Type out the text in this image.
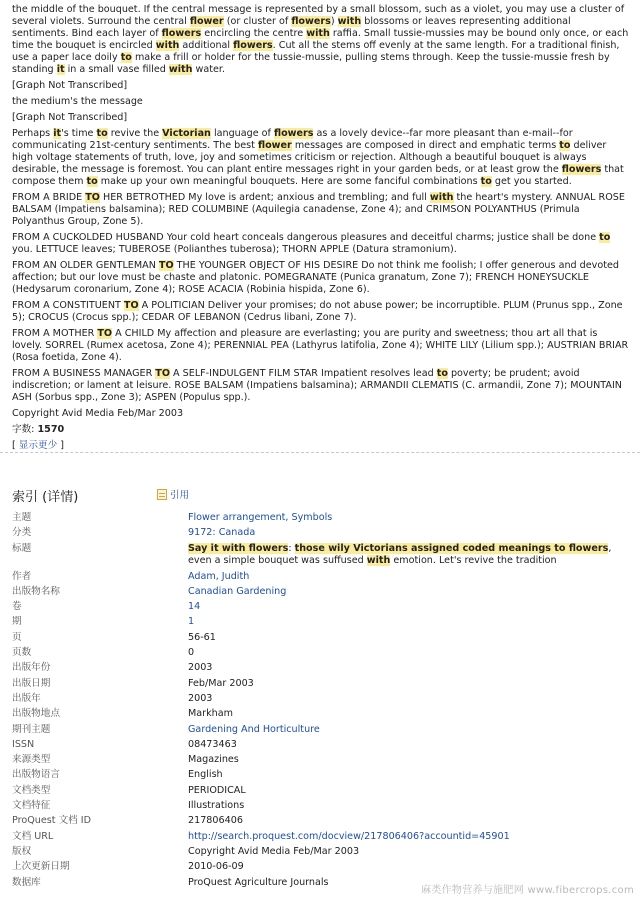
the middle of the bouquet. If the central message is represented by a small blossom, such as a violet, you may use a cluster of several violets. Surround the central flower (or cluster of flowers) with blossoms or leaves representing additional sentiments. Bind each layer of flowers encircling the centre with raffia. Small tussie-mussies may be bound only once, or each time the bouquet is encircled with additional flowers. Cut all the stems off evenly at the same length. For a traditional finish, use a paper lace doily to make a frill or holder for the tussie-mussie, pulling stems through. Keep the tussie-mussie fresh by standing it in a small vase filled with water.

[Graph Not Transcribed]

the medium's the message

[Graph Not Transcribed]

Perhaps it's time to revive the Victorian language of flowers as a lovely device--far more pleasant than e-mail--for communicating 21st-century sentiments. The best flower messages are composed in direct and emphatic terms to deliver high voltage statements of truth, love, joy and sometimes criticism or rejection. Although a beautiful bouquet is always desirable, the message is foremost. You can plant entire messages right in your garden beds, or at least grow the flowers that compose them to make up your own meaningful bouquets. Here are some fanciful combinations to get you started.

FROM A BRIDE TO HER BETROTHED My love is ardent; anxious and trembling; and full with the heart's mystery. ANNUAL ROSE BALSAM (Impatiens balsamina); RED COLUMBINE (Aquilegia canadense, Zone 4); and CRIMSON POLYANTHUS (Primula Polyanthus Group, Zone 5).

FROM A CUCKOLDED HUSBAND Your cold heart conceals dangerous pleasures and deceitful charms; justice shall be done to you. LETTUCE leaves; TUBEROSE (Polianthes tuberosa); THORN APPLE (Datura stramonium).

FROM AN OLDER GENTLEMAN TO THE YOUNGER OBJECT OF HIS DESIRE Do not think me foolish; I offer generous and devoted affection; but our love must be chaste and platonic. POMEGRANATE (Punica granatum, Zone 7); FRENCH HONEYSUCKLE (Hedysarum coronarium, Zone 4); ROSE ACACIA (Robinia hispida, Zone 6).

FROM A CONSTITUENT TO A POLITICIAN Deliver your promises; do not abuse power; be incorruptible. PLUM (Prunus spp., Zone 5); CROCUS (Crocus spp.); CEDAR OF LEBANON (Cedrus libani, Zone 7).

FROM A MOTHER TO A CHILD My affection and pleasure are everlasting; you are purity and sweetness; thou art all that is lovely. SORREL (Rumex acetosa, Zone 4); PERENNIAL PEA (Lathyrus latifolia, Zone 4); WHITE LILY (Lilium spp.); AUSTRIAN BRIAR (Rosa foetida, Zone 4).

FROM A BUSINESS MANAGER TO A SELF-INDULGENT FILM STAR Impatient resolves lead to poverty; be prudent; avoid indiscretion; or lament at leisure. ROSE BALSAM (Impatiens balsamina); ARMANDII CLEMATIS (C. armandii, Zone 7); MOUNTAIN ASH (Sorbus spp., Zone 3); ASPEN (Populus spp.).

Copyright Avid Media Feb/Mar 2003

字数: 1570

[ 显示更少 ]

索引 (详情)	引用
主题	Flower arrangement, Symbols
分类	9172: Canada
标题	Say it with flowers: those wily Victorians assigned coded meanings to flowers, even a simple bouquet was suffused with emotion. Let's revive the tradition
作者	Adam, Judith
出版物名称	Canadian Gardening
卷	14
期	1
页	56-61
页数	0
出版年份	2003
出版日期	Feb/Mar 2003
出版年	2003
出版物地点	Markham
期刊主题	Gardening And Horticulture
ISSN	08473463
来源类型	Magazines
出版物语言	English
文档类型	PERIODICAL
文档特征	Illustrations
ProQuest 文档 ID	217806406
文档 URL	http://search.proquest.com/docview/217806406?accountid=45901
版权	Copyright Avid Media Feb/Mar 2003
上次更新日期	2010-06-09
数据库	ProQuest Agriculture Journals
麻类作物营养与施肥网 www.fibercrops.com
